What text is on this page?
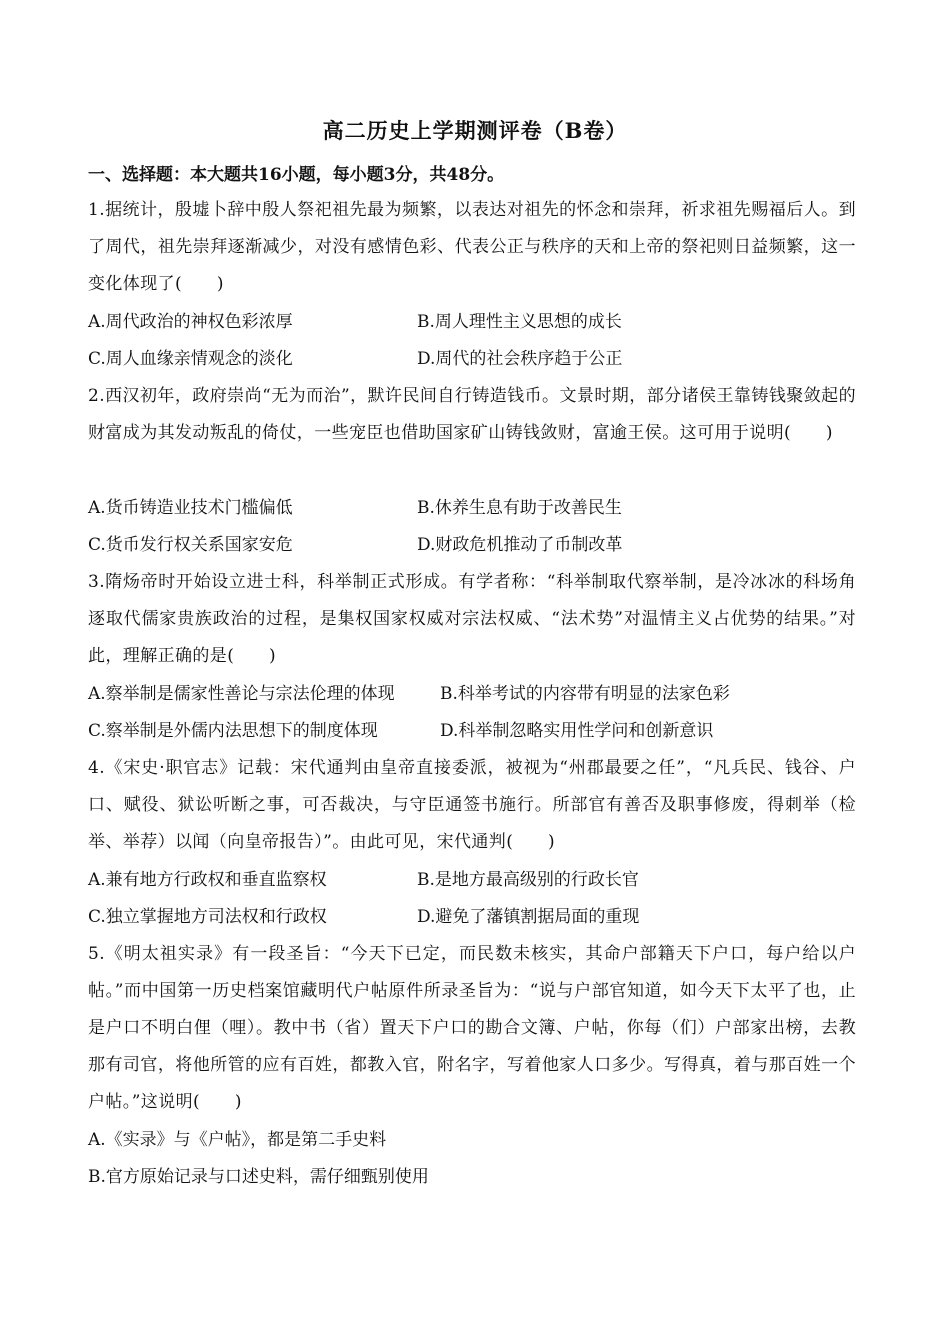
高二历史上学期测评卷（B卷）
一、选择题：本大题共16小题，每小题3分，共48分。
1.据统计，殷墟卜辞中殷人祭祀祖先最为频繁，以表达对祖先的怀念和崇拜，祈求祖先赐福后人。到了周代，祖先崇拜逐渐减少，对没有感情色彩、代表公正与秩序的天和上帝的祭祀则日益频繁，这一变化体现了(　　)
A.周代政治的神权色彩浓厚	B.周人理性主义思想的成长
C.周人血缘亲情观念的淡化	D.周代的社会秩序趋于公正
2.西汉初年，政府崇尚“无为而治”，默许民间自行铸造钱币。文景时期，部分诸侯王靠铸钱聚敛起的财富成为其发动叛乱的倚仗，一些宠臣也借助国家矿山铸钱敛财，富逾王侯。这可用于说明(　　)
A.货币铸造业技术门槛偏低	B.休养生息有助于改善民生
C.货币发行权关系国家安危	D.财政危机推动了币制改革
3.隋炀帝时开始设立进士科，科举制正式形成。有学者称：“科举制取代察举制，是冷冰冰的科场角逐取代儒家贵族政治的过程，是集权国家权威对宗法权威、“法术势”对温情主义占优势的结果。”对此，理解正确的是(　　)
A.察举制是儒家性善论与宗法伦理的体现	B.科举考试的内容带有明显的法家色彩
C.察举制是外儒内法思想下的制度体现	D.科举制忽略实用性学问和创新意识
4.《宋史·职官志》记载：宋代通判由皇帝直接委派，被视为“州郡最要之任”，“凡兵民、钱谷、户口、赋役、狱讼听断之事，可否裁决，与守臣通签书施行。所部官有善否及职事修废，得刺举（检举、举荐）以闻（向皇帝报告）”。由此可见，宋代通判(　　)
A.兼有地方行政权和垂直监察权	B.是地方最高级别的行政长官
C.独立掌握地方司法权和行政权	D.避免了藩镇割据局面的重现
5.《明太祖实录》有一段圣旨：“今天下已定，而民数未核实，其命户部籍天下户口，每户给以户帖。”而中国第一历史档案馆藏明代户帖原件所录圣旨为：“说与户部官知道，如今天下太平了也，止是户口不明白俚（哩）。教中书（省）置天下户口的勘合文簿、户帖，你每（们）户部家出榜，去教那有司官，将他所管的应有百姓，都教入官，附名字，写着他家人口多少。写得真，着与那百姓一个户帖。”这说明(　　)
A.《实录》与《户帖》，都是第二手史料
B.官方原始记录与口述史料，需仔细甄别使用
